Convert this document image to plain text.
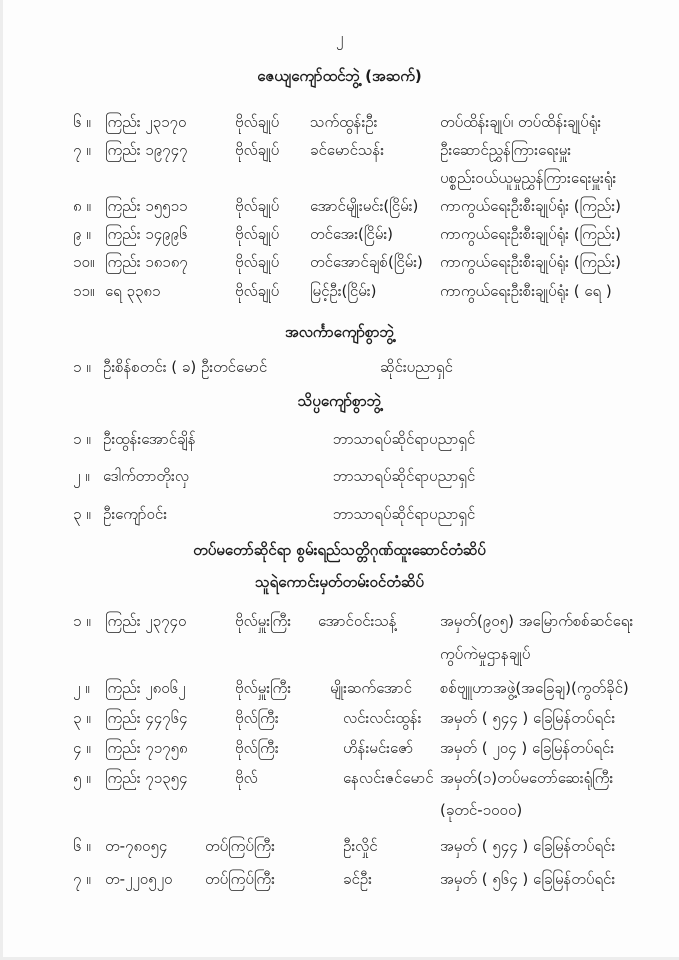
၂
ဇေယျကျော်ထင်ဘွဲ့ (အဆက်)
၆ ။ ကြည်း ၂၃၁၇၀	ဗိုလ်ချုပ် သက်ထွန်းဦး	တပ်ထိန်းချုပ်၊ တပ်ထိန်းချုပ်ရုံး
၇ ။ ကြည်း ၁၉၇၄၇	ဗိုလ်ချုပ် ခင်မောင်သန်း	ဦးဆောင်ညွှန်ကြားရေးမှူး
ပစ္စည်းဝယ်ယူမှုညွှန်ကြားရေးမှူးရုံး
၈ ။ ကြည်း ၁၅၅၁၁	ဗိုလ်ချုပ် အောင်မျိုးမင်း(ငြိမ်း) ကာကွယ်ရေးဦးစီးချုပ်ရုံး (ကြည်း)
၉ ။ ကြည်း ၁၄၉၉၆	ဗိုလ်ချုပ် တင်အေး(ငြိမ်း)	ကာကွယ်ရေးဦးစီးချုပ်ရုံး (ကြည်း)
၁၀။ ကြည်း ၁၈၁၈၇	ဗိုလ်ချုပ် တင်အောင်ချစ်(ငြိမ်း) ကာကွယ်ရေးဦးစီးချုပ်ရုံး (ကြည်း)
၁၁။ ရေ ၃၃၈၁	ဗိုလ်ချုပ် မြင့်ဦး(ငြိမ်း)	ကာကွယ်ရေးဦးစီးချုပ်ရုံး ( ရေ )
အလင်္ကာကျော်စွာဘွဲ့
၁ ။ ဦးစိန်စတင်း ( ခ) ဦးတင်မောင်	ဆိုင်းပညာရှင်
သိပ္ပကျော်စွာဘွဲ့
၁ ။ ဦးထွန်းအောင်ချိန်	ဘာသာရပ်ဆိုင်ရာပညာရှင်
၂ ။ ဒေါက်တာတိုးလှ	ဘာသာရပ်ဆိုင်ရာပညာရှင်
၃ ။ ဦးကျော်ဝင်း	ဘာသာရပ်ဆိုင်ရာပညာရှင်
တပ်မတော်ဆိုင်ရာ စွမ်းရည်သတ္တိဂုဏ်ထူးဆောင်တံဆိပ်
သူရဲကောင်းမှတ်တမ်းဝင်တံဆိပ်
၁ ။ ကြည်း ၂၃၇၄၀	ဗိုလ်မှူးကြီး အောင်ဝင်းသန့်	အမှတ်(၉၀၅) အမြောက်စစ်ဆင်ရေး
ကွပ်ကဲမှုဌာနချုပ်
၂ ။ ကြည်း ၂၈၀၆၂	ဗိုလ်မှူးကြီး	မျိုးဆက်အောင် စစ်ဗျူဟာအဖွဲ့(အခြေချ)(ကွတ်ခိုင်)
၃ ။ ကြည်း ၄၄၇၆၄	ဗိုလ်ကြီး	လင်းလင်းထွန်း အမှတ် ( ၅၄၄ ) ခြေမြန်တပ်ရင်း
၄ ။ ကြည်း ၇၁၇၅၈	ဗိုလ်ကြီး	ဟိန်းမင်းဇော် အမှတ် ( ၂၀၄ ) ခြေမြန်တပ်ရင်း
၅ ။ ကြည်း ၇၁၃၅၄	ဗိုလ်	နေလင်းဇင်မောင် အမှတ်(၁)တပ်မတော်ဆေးရုံကြီး
(ခုတင်-၁၀၀၀)
၆ ။ တ-၇၈၀၅၄	တပ်ကြပ်ကြီး	ဦးလှိုင်	အမှတ် ( ၅၄၄ ) ခြေမြန်တပ်ရင်း
၇ ။ တ-၂၂၀၅၂၀ တပ်ကြပ်ကြီး	ခင်ဦး	အမှတ် ( ၅၆၄ ) ခြေမြန်တပ်ရင်း
